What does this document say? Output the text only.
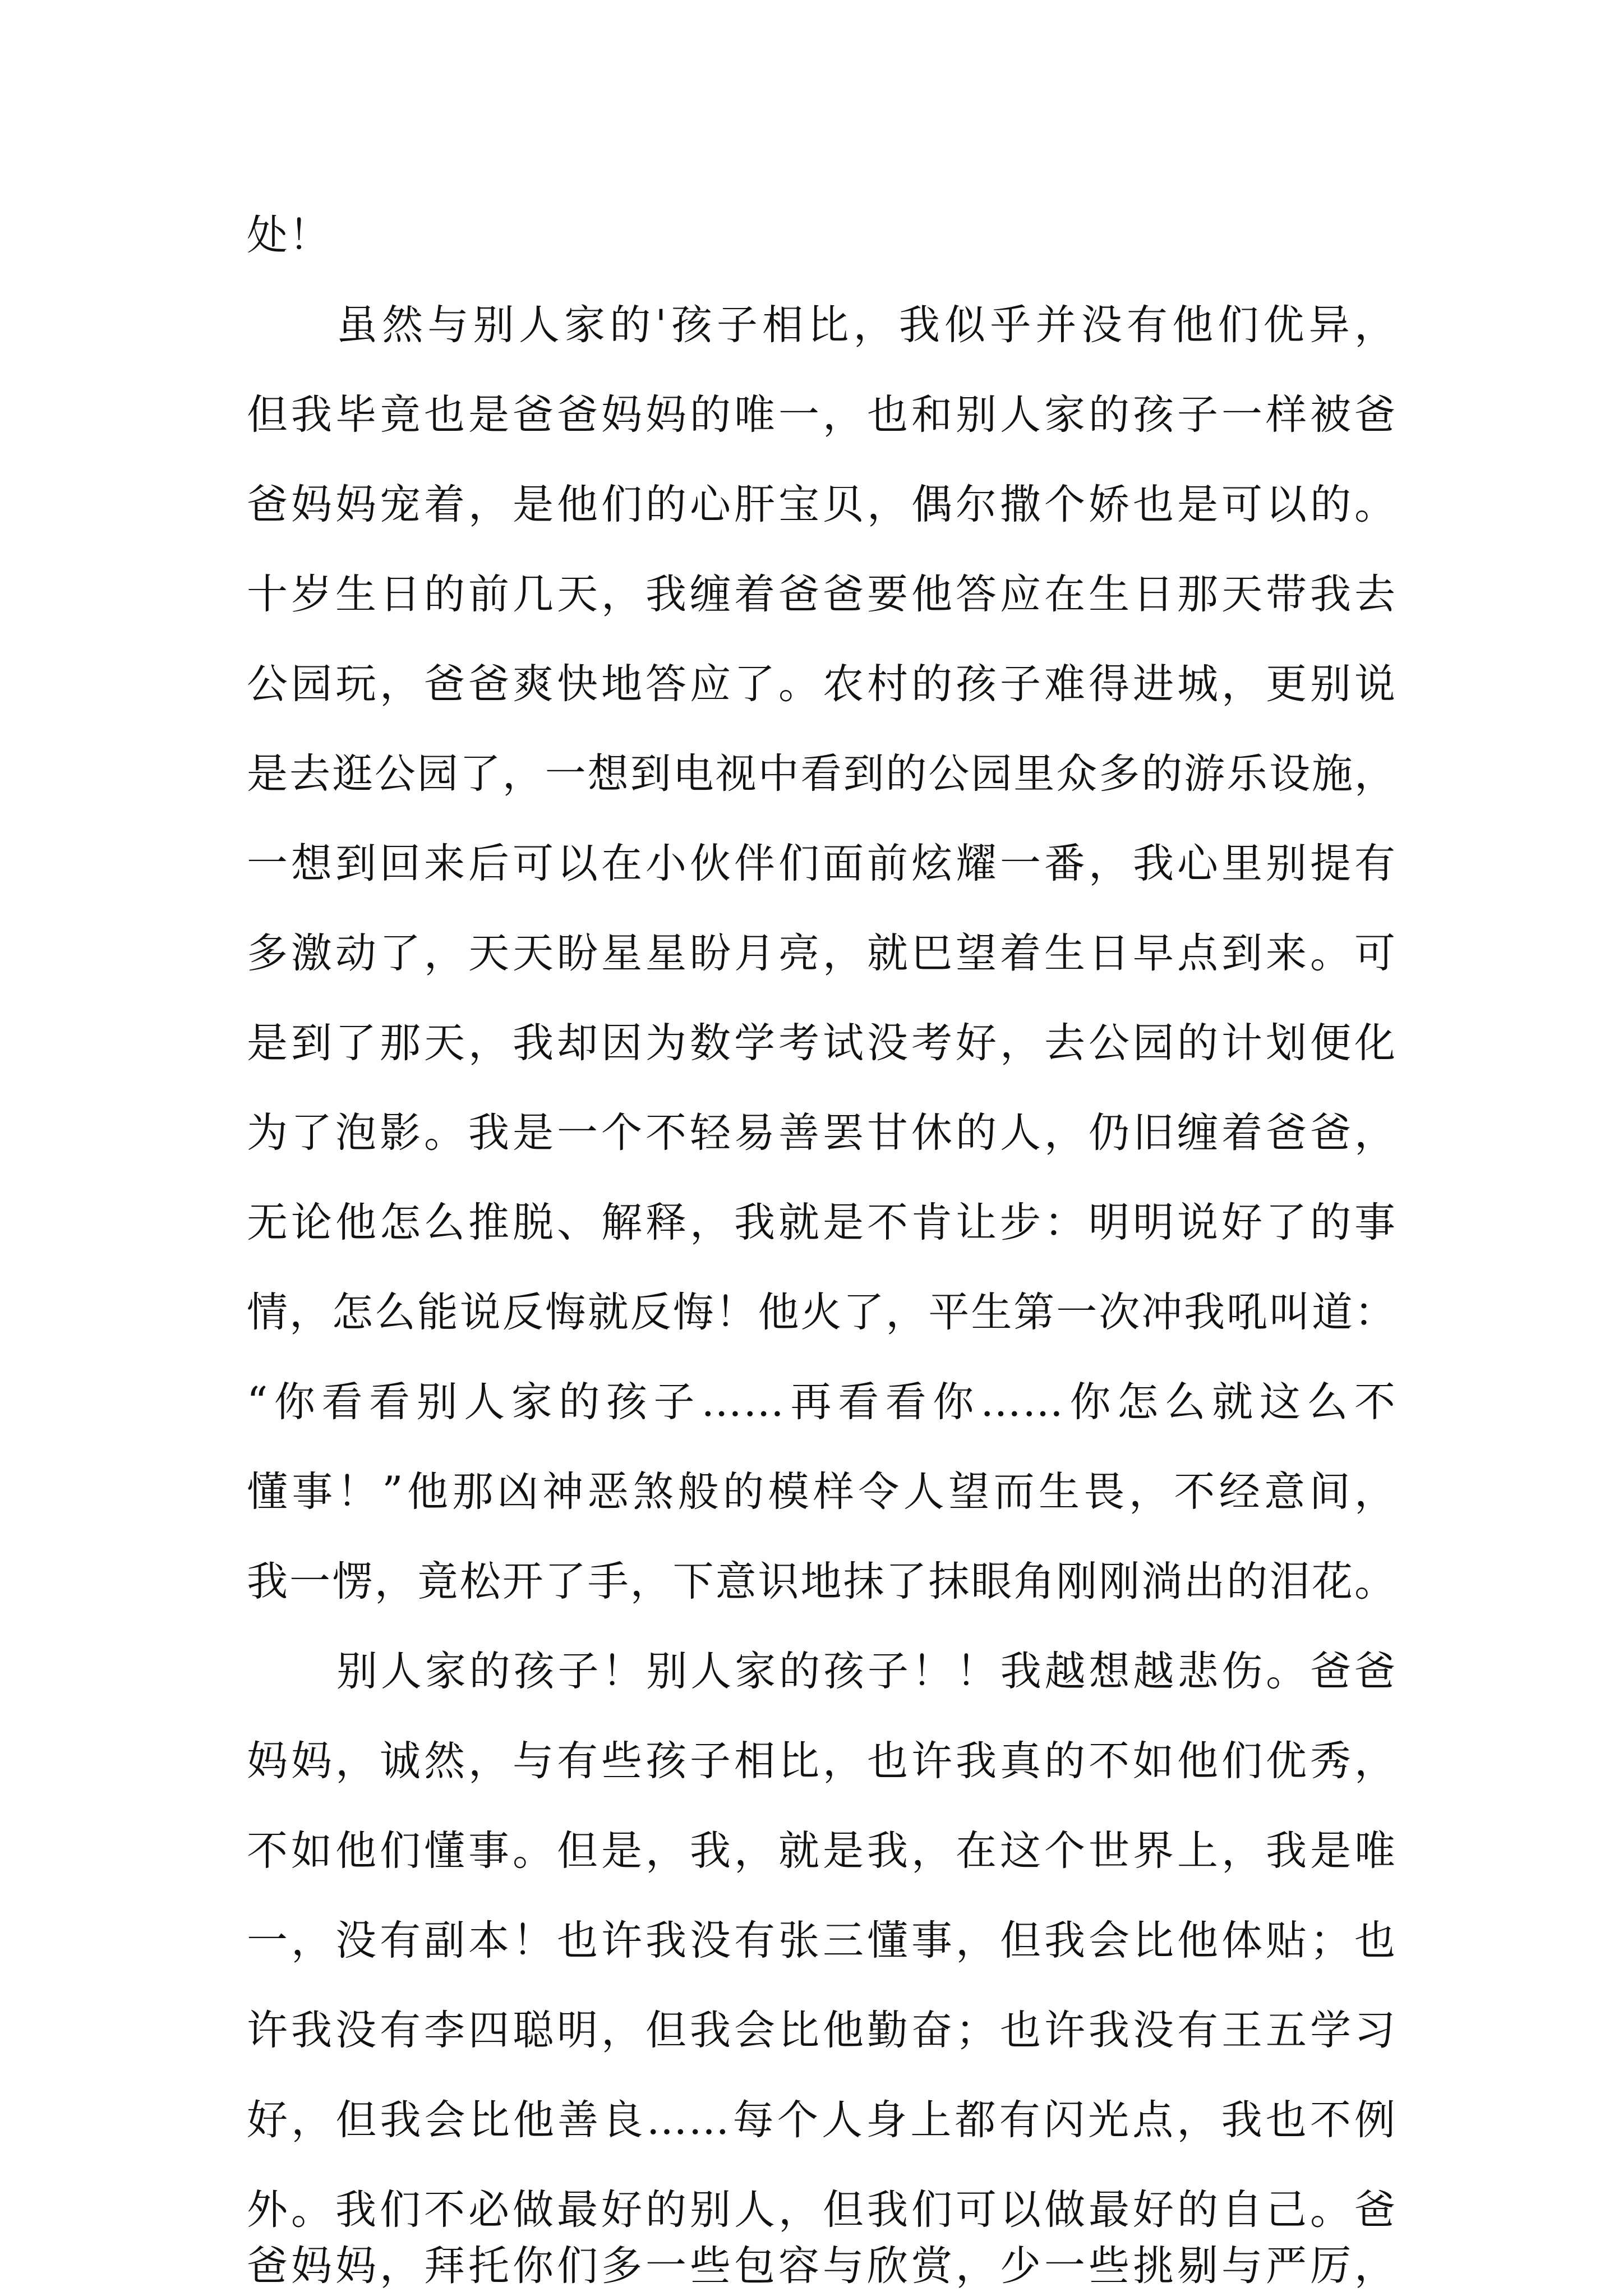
处！
虽然与别人家的'孩子相比，我似乎并没有他们优异，
但我毕竟也是爸爸妈妈的唯一，也和别人家的孩子一样被爸
爸妈妈宠着，是他们的心肝宝贝，偶尔撒个娇也是可以的。
十岁生日的前几天，我缠着爸爸要他答应在生日那天带我去
公园玩，爸爸爽快地答应了。农村的孩子难得进城，更别说
是去逛公园了，一想到电视中看到的公园里众多的游乐设施，
一想到回来后可以在小伙伴们面前炫耀一番，我心里别提有
多激动了，天天盼星星盼月亮，就巴望着生日早点到来。可
是到了那天，我却因为数学考试没考好，去公园的计划便化
为了泡影。我是一个不轻易善罢甘休的人，仍旧缠着爸爸，
无论他怎么推脱、解释，我就是不肯让步：明明说好了的事
情，怎么能说反悔就反悔！他火了，平生第一次冲我吼叫道：
“你看看别人家的孩子……再看看你……你怎么就这么不
懂事！”他那凶神恶煞般的模样令人望而生畏，不经意间，
我一愣，竟松开了手，下意识地抹了抹眼角刚刚淌出的泪花。
别人家的孩子！别人家的孩子！！我越想越悲伤。爸爸
妈妈，诚然，与有些孩子相比，也许我真的不如他们优秀，
不如他们懂事。但是，我，就是我，在这个世界上，我是唯
一，没有副本！也许我没有张三懂事，但我会比他体贴；也
许我没有李四聪明，但我会比他勤奋；也许我没有王五学习
好，但我会比他善良……每个人身上都有闪光点，我也不例
外。我们不必做最好的别人，但我们可以做最好的自己。爸
爸妈妈，拜托你们多一些包容与欣赏，少一些挑剔与严厉，
